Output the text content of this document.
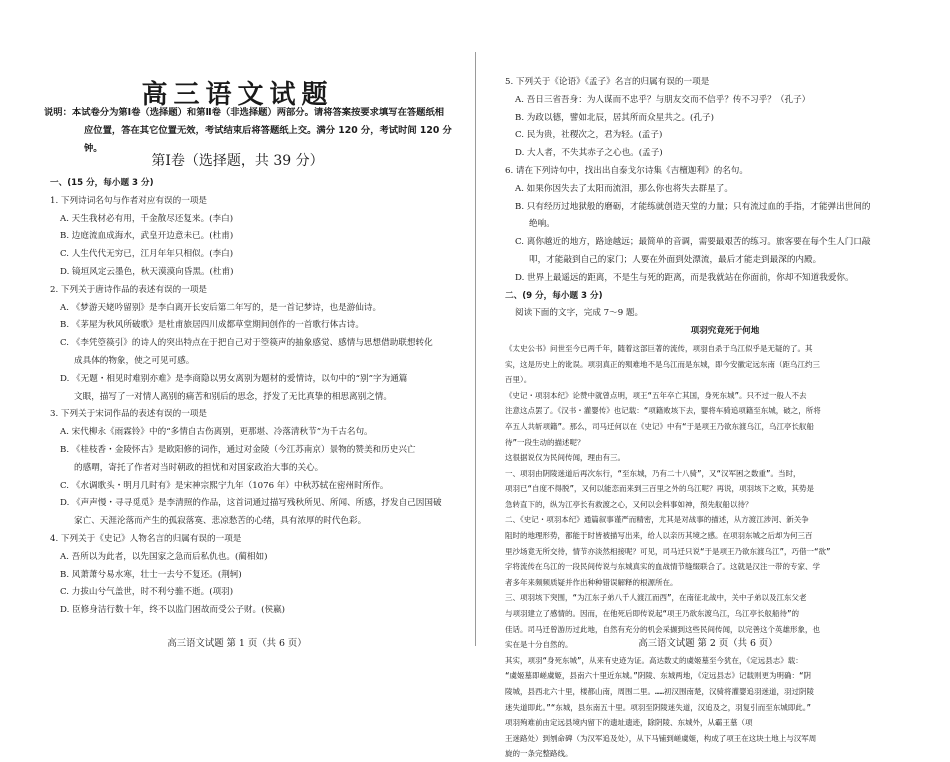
高三语文试题
说明：本试卷分为第Ⅰ卷（选择题）和第Ⅱ卷（非选择题）两部分。请将答案按要求填写在答题纸相
应位置，答在其它位置无效，考试结束后将答题纸上交。满分 120 分，考试时间 120 分钟。
第Ⅰ卷（选择题，共 39 分）

一、(15 分，每小题 3 分)

1. 下列诗词名句与作者对应有误的一项是

A. 天生我材必有用，千金散尽还复来。(李白)

B. 边庭流血成海水，武皇开边意未已。(杜甫)

C. 人生代代无穷已，江月年年只相似。(李白)

D. 镜垣风定云墨色，秋天漠漠向昏黑。(杜甫)

2. 下列关于唐诗作品的表述有误的一项是

A. 《梦游天姥吟留别》是李白离开长安后第二年写的，是一首记梦诗，也是游仙诗。

B. 《茅屋为秋风所破歌》是杜甫旅居四川成都草堂期间创作的一首歌行体古诗。

C. 《李凭箜篌引》的诗人的突出特点在于把自己对于箜篌声的抽象感觉、感情与思想借助联想转化

成具体的物象，使之可见可感。

D. 《无题・相见时难别亦难》是李商隐以男女离别为题材的爱情诗，以句中的“别”字为通篇

文眼，描写了一对情人离别的痛苦和别后的思念，抒发了无比真挚的相思离别之情。

3. 下列关于宋词作品的表述有误的一项是

A. 宋代柳永《雨霖铃》中的“多情自古伤离别，更那堪、冷落清秋节”为千古名句。

B. 《桂枝香・金陵怀古》是欧阳修的词作，通过对金陵（今江苏南京）景物的赞美和历史兴亡

的感喟，寄托了作者对当时朝政的担忧和对国家政治大事的关心。

C. 《水调歌头・明月几时有》是宋神宗熙宁九年（1076 年）中秋苏轼在密州时所作。

D. 《声声慢・寻寻觅觅》是李清照的作品，这首词通过描写残秋所见、所闻、所感，抒发自己因国破

家亡、天涯沦落而产生的孤寂落寞、悲凉愁苦的心绪，具有浓厚的时代色彩。

4. 下列关于《史记》人物名言的归属有误的一项是

A. 吾所以为此者，以先国家之急而后私仇也。(蔺相如)

B. 风萧萧兮易水寒，壮士一去兮不复还。(荆轲)

C. 力拔山兮气盖世，时不利兮骓不逝。(项羽)

D. 臣修身洁行数十年，终不以监门困故而受公子财。(侯嬴)

高三语文试题 第 1 页（共 6 页）

5. 下列关于《论语》《孟子》名言的归属有误的一项是

A. 吾日三省吾身：为人谋而不忠乎？与朋友交而不信乎？传不习乎？（孔子）

B. 为政以德，譬如北辰，居其所而众星共之。(孔子)

C. 民为贵，社稷次之，君为轻。(孟子)

D. 大人者，不失其赤子之心也。(孟子)

6. 请在下列诗句中，找出出自泰戈尔诗集《吉檀迦利》的名句。

A. 如果你因失去了太阳而流泪，那么你也将失去群星了。

B. 只有经历过地狱般的磨砺，才能练就创造天堂的力量；只有流过血的手指，才能弹出世间的

绝响。

C. 离你越近的地方，路途越远；最简单的音调，需要最艰苦的练习。旅客要在每个生人门口敲

叩，才能敲到自己的家门；人要在外面到处漂流，最后才能走到最深的内殿。

D. 世界上最遥远的距离，不是生与死的距离，而是我就站在你面前，你却不知道我爱你。

二、(9 分，每小题 3 分)

阅读下面的文字，完成 7～9 题。

项羽究竟死于何地

《太史公书》问世至今已两千年，随着这部巨著的流传，项羽自杀于乌江似乎是无疑的了。其

实，这是历史上的讹误。项羽真正的殒难地不是乌江而是东城，即今安徽定远东南（距乌江约三

百里）。

《史记・项羽本纪》论赞中就曾点明，项王“五年卒亡其国，身死东城”。只不过一般人不去

注意这点罢了。《汉书・灌婴传》也记载：“项籍败垓下去，婴将车骑追项籍至东城，破之，所将

卒五人共斩项籍”。那么，司马迁何以在《史记》中有“于是项王乃欲东渡乌江，乌江亭长舣船

待”一段生动的描述呢？

这很据说仅为民间传闻，理由有三。

一、项羽由阴陵迷道后再次东行，“至东城，乃有二十八骑”，又“汉军困之数重”。当时，

项羽已“自度不得脱”，又何以能恋而来到三百里之外的乌江呢？再说，项羽垓下之败，其势是

急转直下的，纵为江亭长有救渡之心，又何以会料事如神，预先舣船以待？

二、《史记・项羽本纪》通篇叙事谨严而精密，尤其是对战事的描述，从方渡江涉河、新关争

阻时的地理形势，都能于时皆被描写出来，给人以亲历其境之感。在项羽东城之后却为何三百

里沙场竟无所交待，情节亦淡然相接呢？可见，司马迁只说“于是项王乃欲东渡乌江”，巧借一“欲”

字将流传在乌江的一段民间传说与东城真实的血战情节缝缀联合了。这就是汉注一带的专家、学

者多年来频频质疑并作出种种错误解释的根源所在。

三、项羽垓下突围，“为江东子弟八千人渡江而西”，在南征北战中，关中子弟以及江东父老

与项羽建立了感情的。因而，在他死后即传说起“项王乃欲东渡乌江，乌江亭长舣船待”的

佳话。司马迁曾游历过此地，自然有充分的机会采撷到这些民间传闻，以完善这个英雄形象，也

实在是十分自然的。

其实，项羽“身死东城”，从来有史迹为证。高达数丈的虞姬墓至今犹在，《定远县志》载：

“虞姬墓即嵯虞姬，县南六十里近东城。”阴陵、东城两地，《定远县志》记载则更为明确：“阴

陵城，县西北六十里，楼都山南，周围二里。……初汉围南楚，汉骑将灌婴追羽迷道，羽过阴陵

迷失道即此。”“东城，县东南五十里。项羽至阴陵迷失道，汉追及之，羽复引而至东城即此。”

项羽殉难前由定远县境内留下的遗址遗迹，除阴陵、东城外，从霸王墓（项

王迷路处）到刎命碑（为汉军追及处），从下马铺到嵯虞姬，构成了项王在这块土地上与汉军周

旋的一条完整路线。

高三语文试题 第 2 页（共 6 页）
